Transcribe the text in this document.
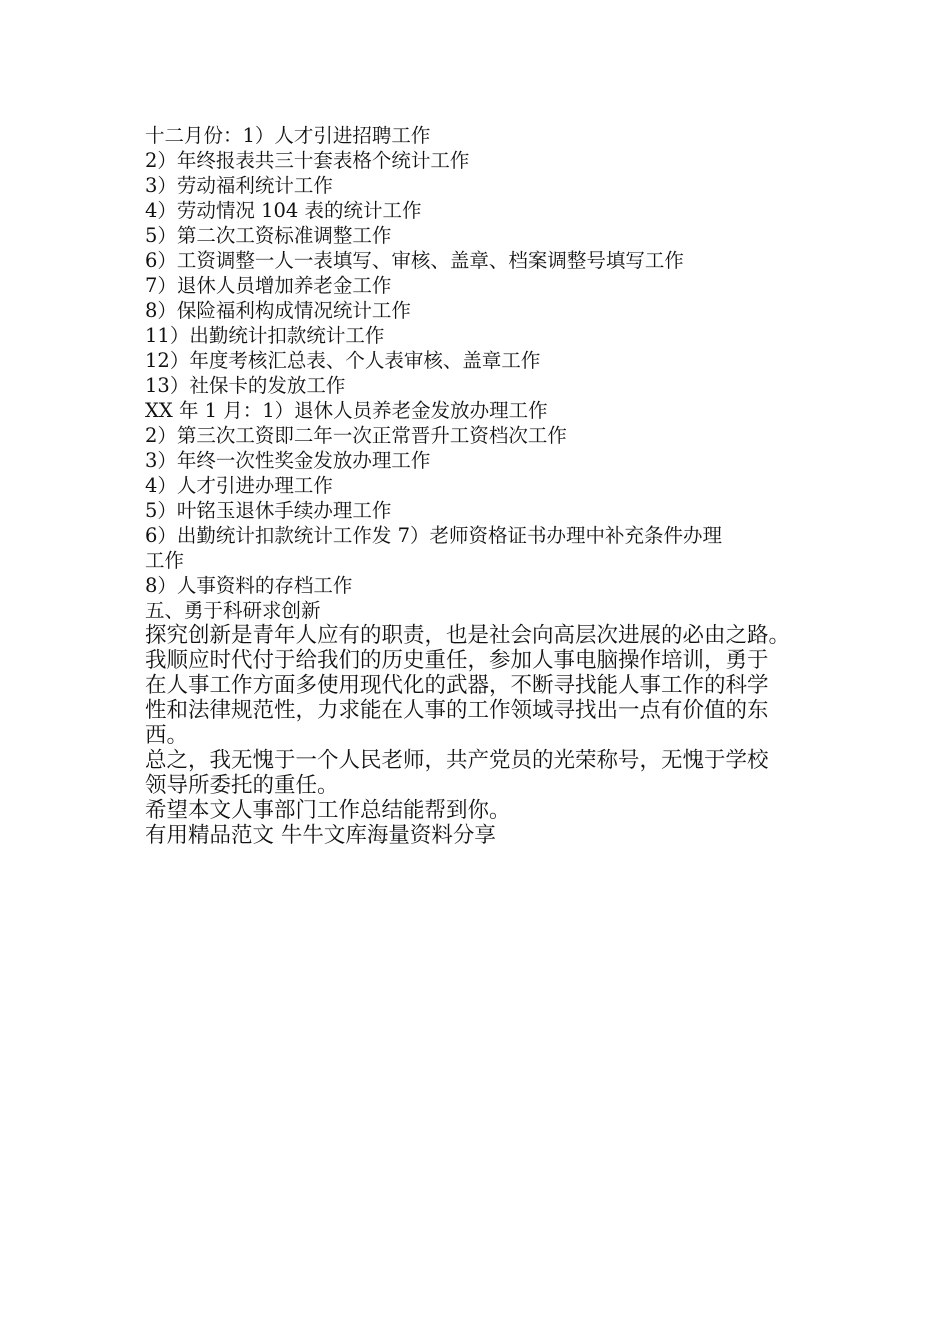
十二月份：1）人才引进招聘工作
2）年终报表共三十套表格个统计工作
3）劳动福利统计工作
4）劳动情况 104 表的统计工作
5）第二次工资标准调整工作
6）工资调整一人一表填写、审核、盖章、档案调整号填写工作
7）退休人员增加养老金工作
8）保险福利构成情况统计工作
11）出勤统计扣款统计工作
12）年度考核汇总表、个人表审核、盖章工作
13）社保卡的发放工作
XX 年 1 月：1）退休人员养老金发放办理工作
2）第三次工资即二年一次正常晋升工资档次工作
3）年终一次性奖金发放办理工作
4）人才引进办理工作
5）叶铭玉退休手续办理工作
6）出勤统计扣款统计工作发 7）老师资格证书办理中补充条件办理
工作
8）人事资料的存档工作
五、勇于科研求创新
探究创新是青年人应有的职责，也是社会向高层次进展的必由之路。
我顺应时代付于给我们的历史重任，参加人事电脑操作培训，勇于
在人事工作方面多使用现代化的武器，不断寻找能人事工作的科学
性和法律规范性，力求能在人事的工作领域寻找出一点有价值的东
西。
总之，我无愧于一个人民老师，共产党员的光荣称号，无愧于学校
领导所委托的重任。
希望本文人事部门工作总结能帮到你。
有用精品范文 牛牛文库海量资料分享
